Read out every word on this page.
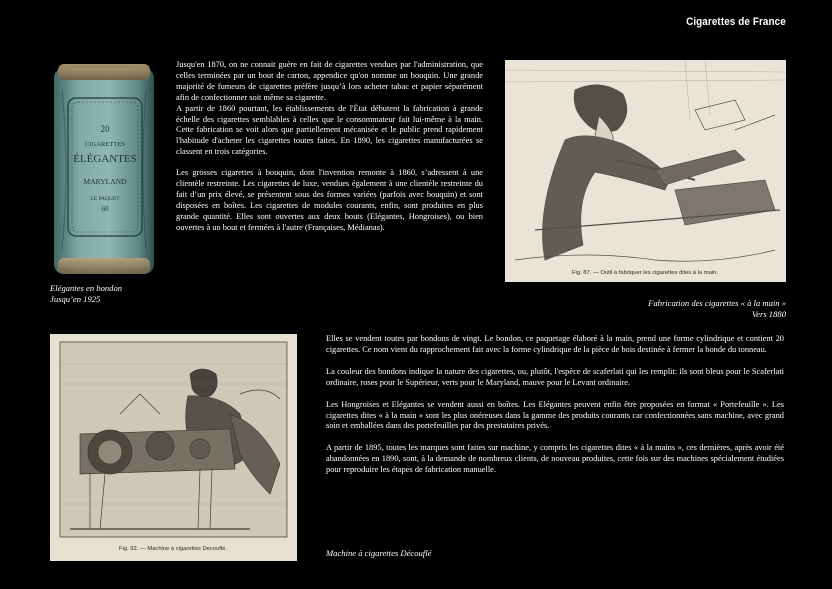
Cigarettes de France
20
CIGARETTES
ÉLÉGANTES
MARYLAND
LE PAQUET
60
Elégantes en bondon
Jusqu’en 1925

Jusqu'en 1870, on ne connait guère en fait de cigarettes vendues par l'administration, que celles terminées par un bout de carton, appendice qu'on nomme un bouquin. Une grande majorité de fumeurs de cigarettes préfère jusqu’à lors acheter tabac et papier séparément afin de confectionner soit même sa cigarette.

A partir de 1860 pourtant, les établissements de l'État débutent la fabrication à grande échelle des cigarettes semblables à celles que le consommateur fait lui-même à la main. Cette fabrication se voit alors que partiellement mécanisée et le public prend rapidement l'habitude d'acheter les cigarettes toutes faites. En 1890, les cigarettes manufacturées se classent en trois catégories.

Les grosses cigarettes à bouquin, dont l'invention remonte à 1860, s’adressent à une clientèle restreinte. Les cigarettes de luxe, vendues également à une clientèle restreinte du fait d’un prix élevé, se présentent sous des formes variées (parfois avec bouquin) et sont disposées en boîtes. Les cigarettes de modules courants, enfin, sont produites en plus grande quantité. Elles sont ouvertes aux deux bouts (Elégantes, Hongroises), ou bien ouvertes à un bout et fermées à l'autre (Françaises, Médianas).

Fig. 87. — Outil à fabriquer les cigarettes dites à la main.
Fabrication des cigarettes « à la main »
Vers 1880
Fig. 92. — Machine à cigarettes Decouflé.

Elles se vendent toutes par bondons de vingt. Le bondon, ce paquetage élaboré à la main, prend une forme cylindrique et contient 20 cigarettes. Ce nom vient du rapprochement fait avec la forme cylindrique de la pièce de bois destinée à fermer la bonde du tonneau.

La couleur des bondons indique la nature des cigarettes, ou, plutôt, l'espèce de scaferlati qui les remplit: ils sont bleus pour le Scaferlati ordinaire, roses pour le Supérieur, verts pour le Maryland, mauve pour le Levant ordinaire.

Les Hongroises et Elégantes se vendent aussi en boîtes. Les Elégantes peuvent enfin être proposées en format « Portefeuille ». Les cigarettes dites « à la main » sont les plus onéreuses dans la gamme des produits courants car confectionnées sans machine, avec grand soin et emballées dans des portefeuilles par des prestataires privés.

A partir de 1895, toutes les marques sont faites sur machine, y compris les cigarettes dites « à la mains », ces dernières, après avoir été abandonnées en 1890, sont, à la demande de nombreux clients, de nouveau produites, cette fois sur des machines spécialement étudiées pour reproduire les étapes de fabrication manuelle.

Machine à cigarettes Découflé
